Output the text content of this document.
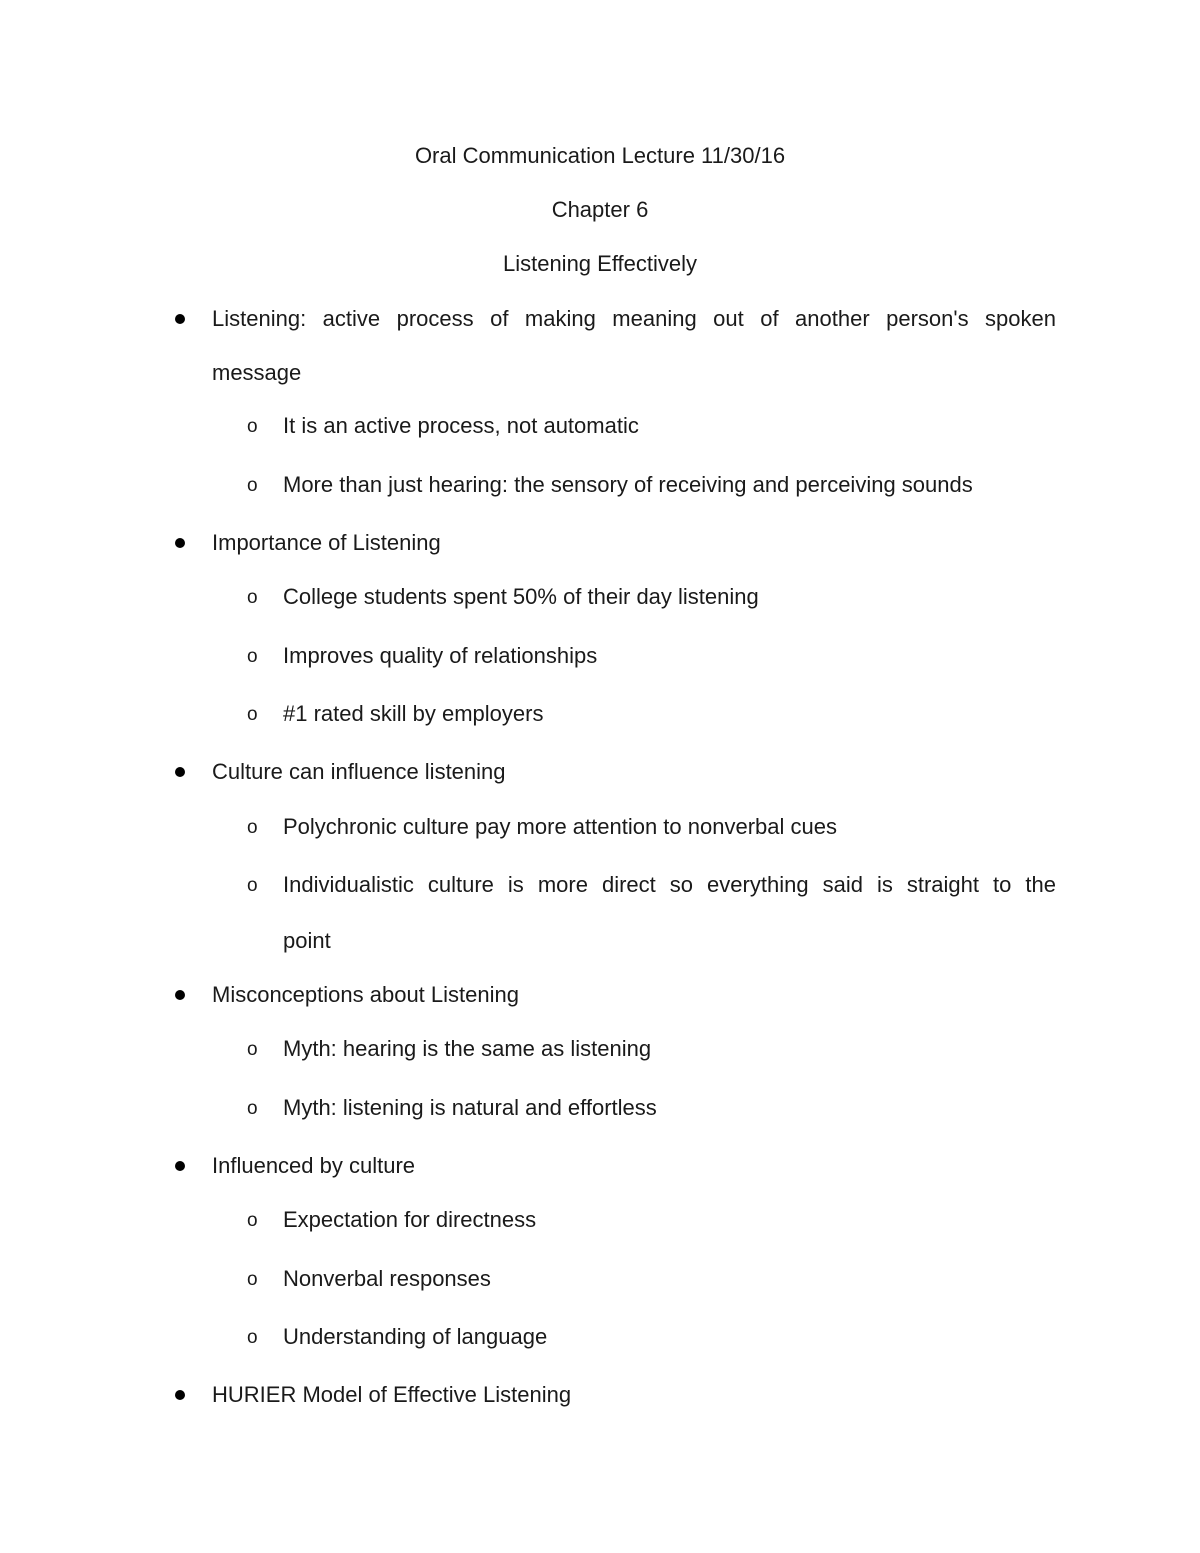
Oral Communication Lecture 11/30/16
Chapter 6
Listening Effectively
Listening: active process of making meaning out of another person's spoken
message
o It is an active process, not automatic
o More than just hearing: the sensory of receiving and perceiving sounds
Importance of Listening
o College students spent 50% of their day listening
o Improves quality of relationships
o #1 rated skill by employers
Culture can influence listening
o Polychronic culture pay more attention to nonverbal cues
o Individualistic culture is more direct so everything said is straight to the
point
Misconceptions about Listening
o Myth: hearing is the same as listening
o Myth: listening is natural and effortless
Influenced by culture
o Expectation for directness
o Nonverbal responses
o Understanding of language
HURIER Model of Effective Listening
